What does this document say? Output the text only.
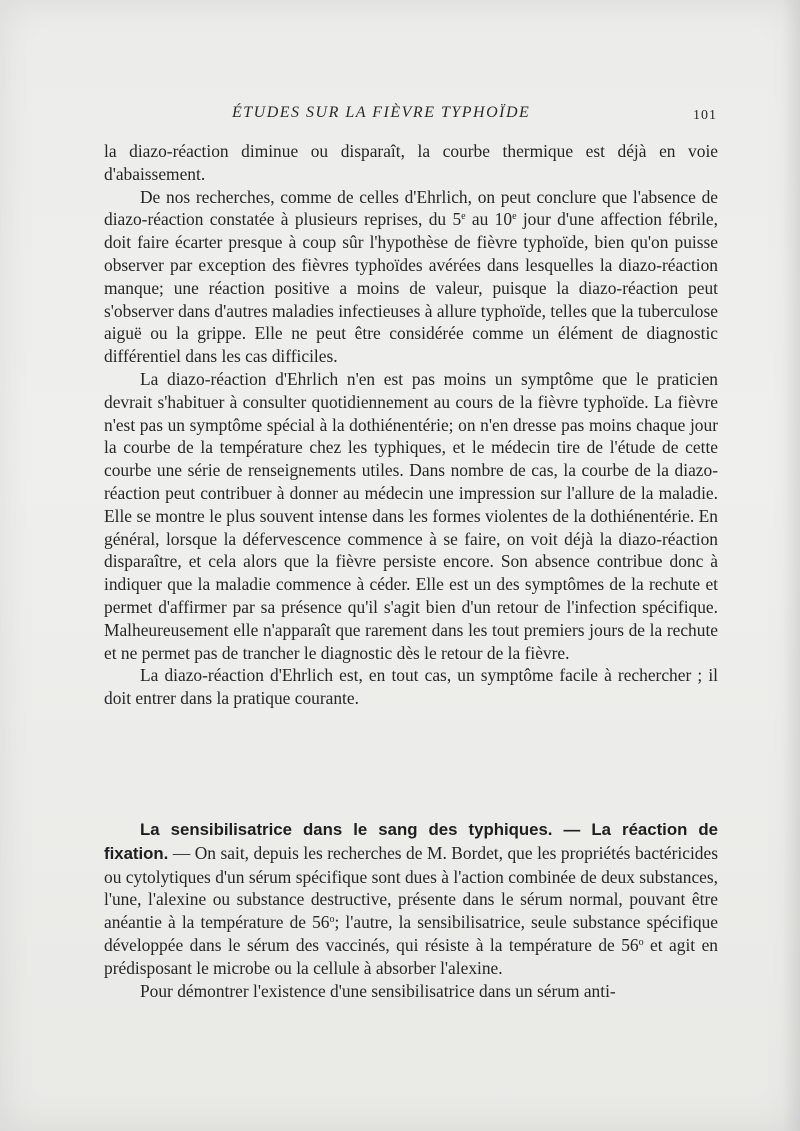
ÉTUDES SUR LA FIÈVRE TYPHOÏDE	101

la diazo-réaction diminue ou disparaît, la courbe thermique est déjà en voie d'abaissement.

De nos recherches, comme de celles d'Ehrlich, on peut conclure que l'absence de diazo-réaction constatée à plusieurs reprises, du 5e au 10e jour d'une affection fébrile, doit faire écarter presque à coup sûr l'hypothèse de fièvre typhoïde, bien qu'on puisse observer par exception des fièvres typhoïdes avérées dans lesquelles la diazo-réaction manque; une réaction positive a moins de valeur, puisque la diazo-réaction peut s'observer dans d'autres maladies infectieuses à allure typhoïde, telles que la tuberculose aiguë ou la grippe. Elle ne peut être considérée comme un élément de diagnostic différentiel dans les cas difficiles.

La diazo-réaction d'Ehrlich n'en est pas moins un symptôme que le praticien devrait s'habituer à consulter quotidiennement au cours de la fièvre typhoïde. La fièvre n'est pas un symptôme spécial à la dothiénentérie; on n'en dresse pas moins chaque jour la courbe de la température chez les typhiques, et le médecin tire de l'étude de cette courbe une série de renseignements utiles. Dans nombre de cas, la courbe de la diazo-réaction peut contribuer à donner au médecin une impression sur l'allure de la maladie. Elle se montre le plus souvent intense dans les formes violentes de la dothiénentérie. En général, lorsque la défervescence commence à se faire, on voit déjà la diazo-réaction disparaître, et cela alors que la fièvre persiste encore. Son absence contribue donc à indiquer que la maladie commence à céder. Elle est un des symptômes de la rechute et permet d'affirmer par sa présence qu'il s'agit bien d'un retour de l'infection spécifique. Malheureusement elle n'apparaît que rarement dans les tout premiers jours de la rechute et ne permet pas de trancher le diagnostic dès le retour de la fièvre.

La diazo-réaction d'Ehrlich est, en tout cas, un symptôme facile à rechercher ; il doit entrer dans la pratique courante.

La sensibilisatrice dans le sang des typhiques. — La réaction de fixation. — On sait, depuis les recherches de M. Bordet, que les propriétés bactéricides ou cytolytiques d'un sérum spécifique sont dues à l'action combinée de deux substances, l'une, l'alexine ou substance destructive, présente dans le sérum normal, pouvant être anéantie à la température de 56$^o$; l'autre, la sensibilisatrice, seule substance spécifique développée dans le sérum des vaccinés, qui résiste à la température de 56$^o$ et agit en prédisposant le microbe ou la cellule à absorber l'alexine.

Pour démontrer l'existence d'une sensibilisatrice dans un sérum anti-
